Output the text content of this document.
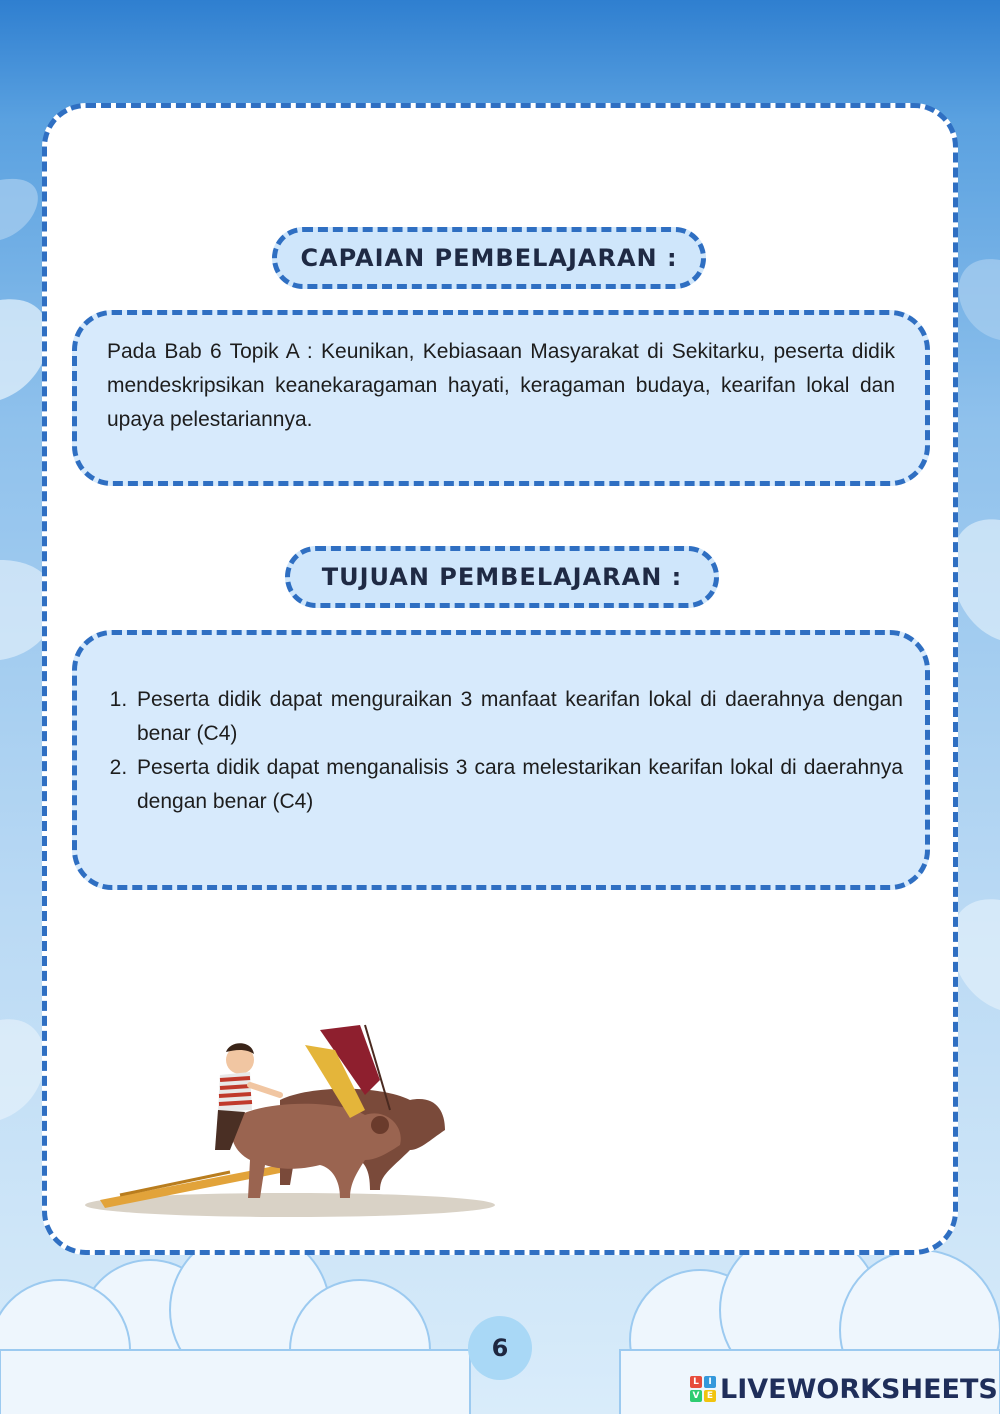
CAPAIAN PEMBELAJARAN :
Pada Bab 6 Topik A : Keunikan, Kebiasaan Masyarakat di Sekitarku, peserta didik mendeskripsikan keanekaragaman hayati, keragaman budaya, kearifan lokal dan upaya pelestariannya.
TUJUAN PEMBELAJARAN :
1. Peserta didik dapat menguraikan 3 manfaat kearifan lokal di daerahnya dengan benar (C4)
2. Peserta didik dapat menganalisis 3 cara melestarikan kearifan lokal di daerahnya dengan benar (C4)
6
L	I
V E LIVEWORKSHEETS
